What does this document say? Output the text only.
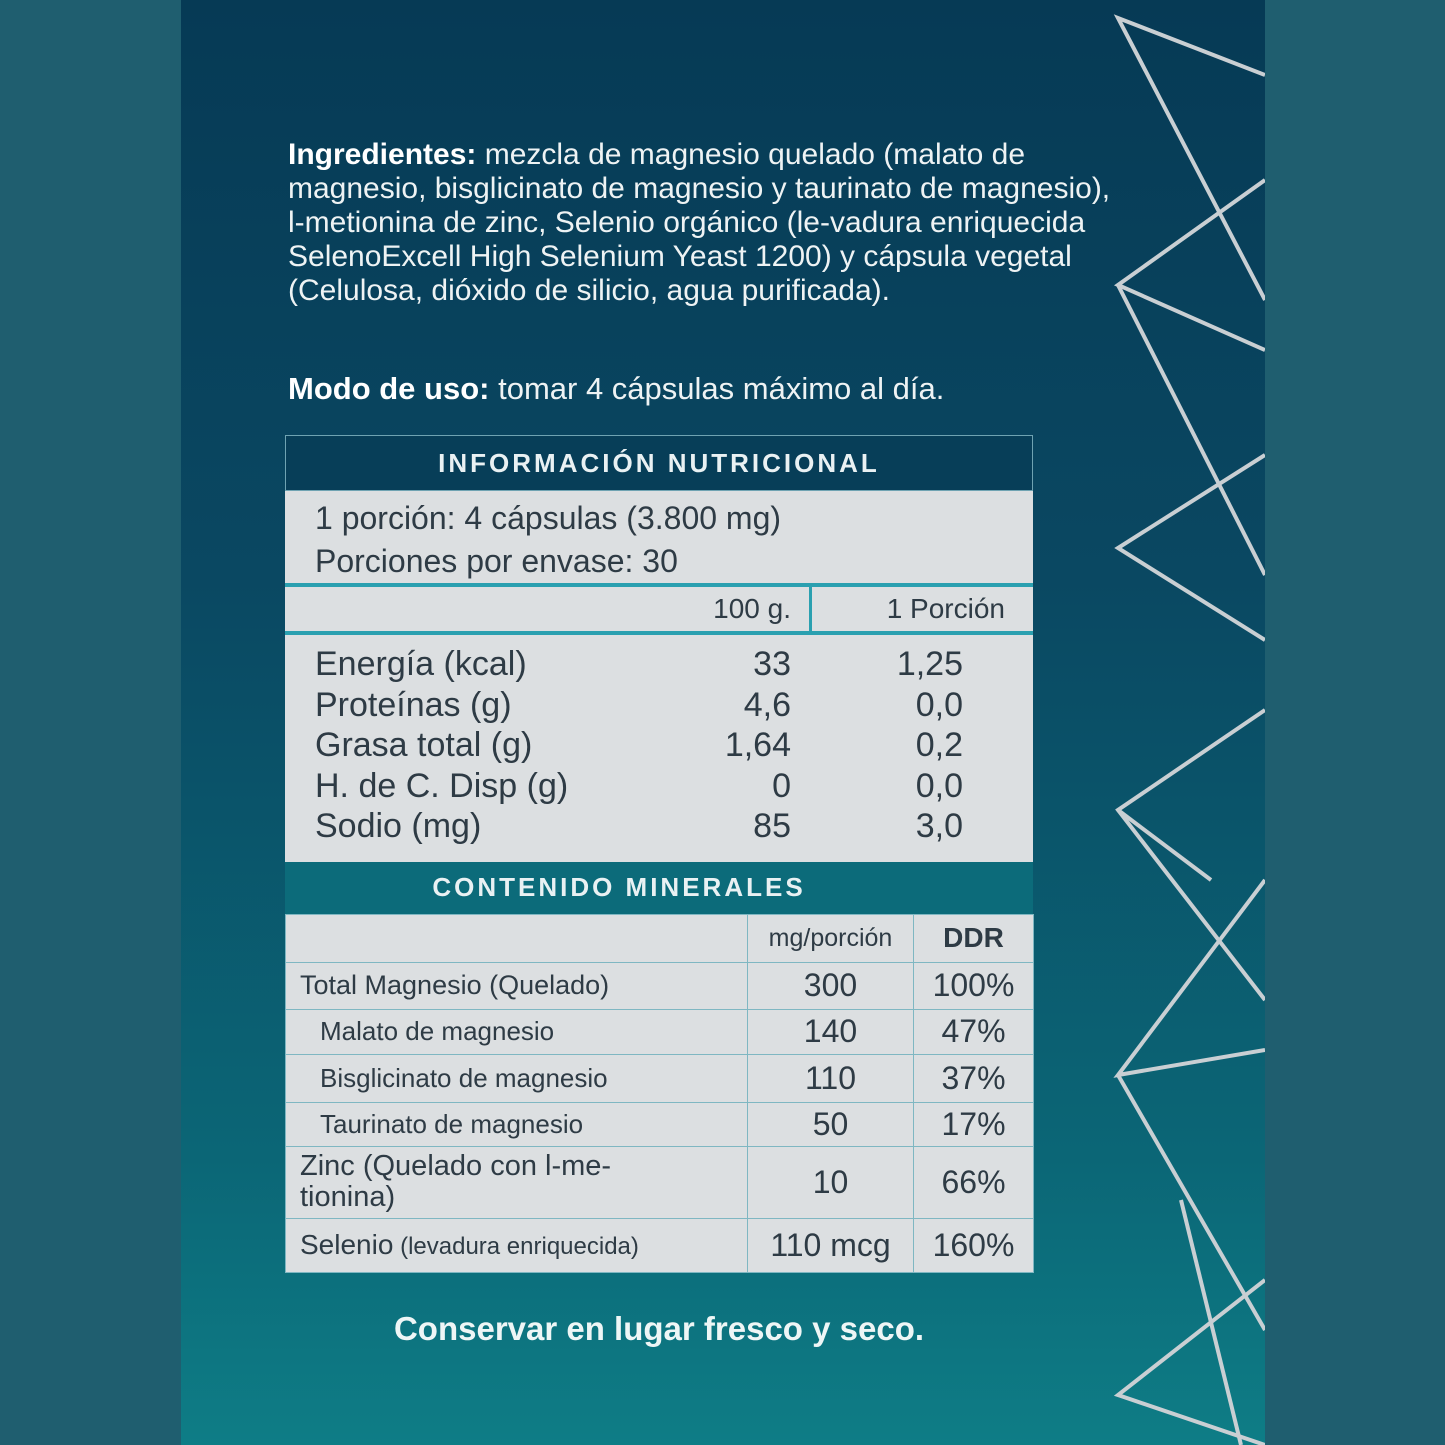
Ingredientes: mezcla de magnesio quelado (malato de magnesio, bisglicinato de magnesio y taurinato de magnesio), l-metionina de zinc, Selenio orgánico (le-vadura enriquecida SelenoExcell High Selenium Yeast 1200) y cápsula vegetal (Celulosa, dióxido de silicio, agua purificada).
Modo de uso: tomar 4 cápsulas máximo al día.
INFORMACIÓN NUTRICIONAL
1 porción: 4 cápsulas (3.800 mg)
Porciones por envase: 30
100 g.	1 Porción
Energía (kcal)	33	1,25
Proteínas (g)	4,6	0,0
Grasa total (g)	1,64	0,2
H. de C. Disp (g)	0	0,0
Sodio (mg)	85	3,0
CONTENIDO MINERALES
	mg/porción	DDR
Total Magnesio (Quelado)	300	100%
Malato de magnesio	140	47%
Bisglicinato de magnesio	110	37%
Taurinato de magnesio	50	17%

Zinc (Quelado con l-me-
tionina)	10	66%
Selenio (levadura enriquecida)	110 mcg	160%
Conservar en lugar fresco y seco.
